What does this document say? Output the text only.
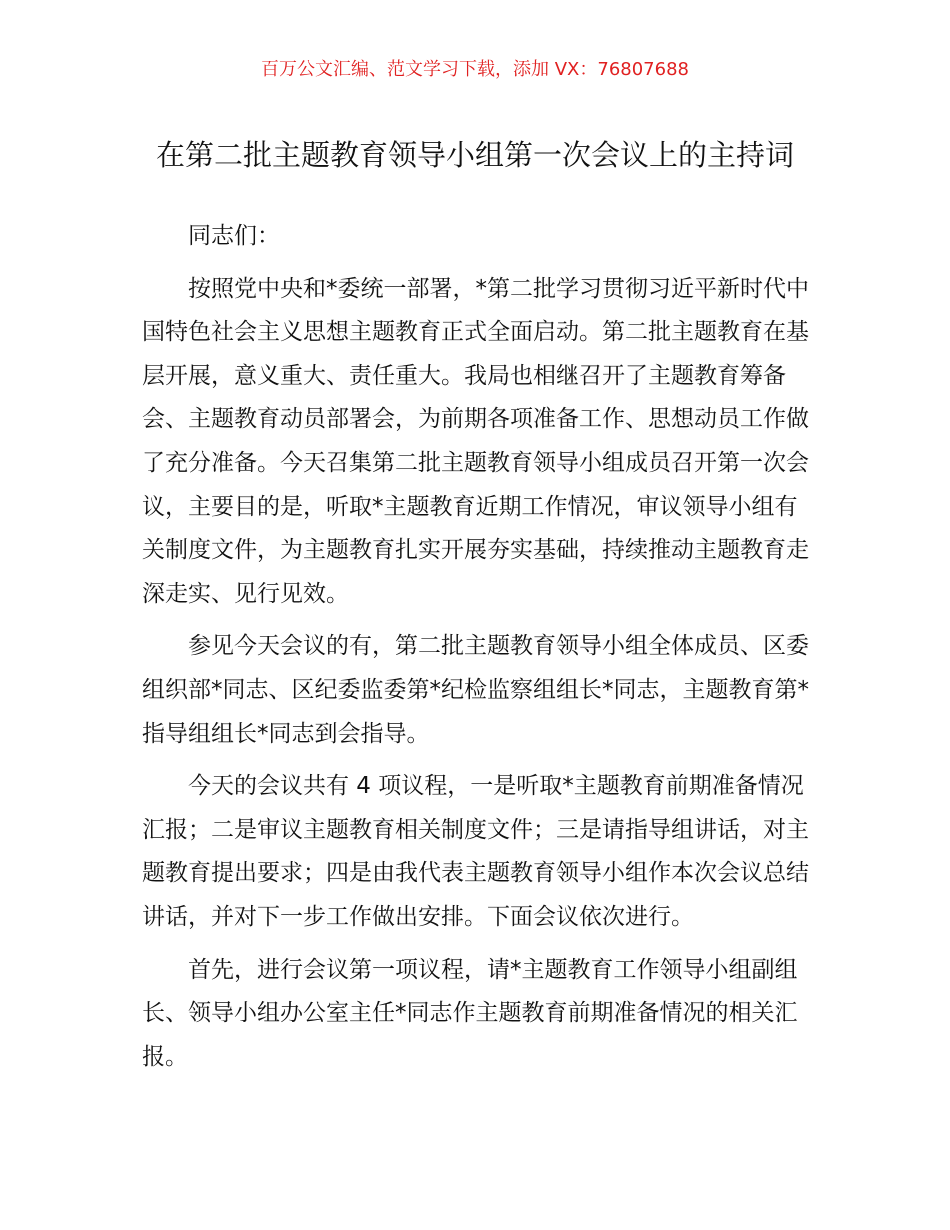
百万公文汇编、范文学习下载，添加 VX：76807688
在第二批主题教育领导小组第一次会议上的主持词

同志们：

按照党中央和*委统一部署，*第二批学习贯彻习近平新时代中国特色社会主义思想主题教育正式全面启动。第二批主题教育在基层开展，意义重大、责任重大。我局也相继召开了主题教育筹备会、主题教育动员部署会，为前期各项准备工作、思想动员工作做了充分准备。今天召集第二批主题教育领导小组成员召开第一次会议，主要目的是，听取*主题教育近期工作情况，审议领导小组有关制度文件，为主题教育扎实开展夯实基础，持续推动主题教育走深走实、见行见效。

参见今天会议的有，第二批主题教育领导小组全体成员、区委组织部*同志、区纪委监委第*纪检监察组组长*同志，主题教育第*指导组组长*同志到会指导。

今天的会议共有 4 项议程，一是听取*主题教育前期准备情况汇报；二是审议主题教育相关制度文件；三是请指导组讲话，对主题教育提出要求；四是由我代表主题教育领导小组作本次会议总结讲话，并对下一步工作做出安排。下面会议依次进行。

首先，进行会议第一项议程，请*主题教育工作领导小组副组长、领导小组办公室主任*同志作主题教育前期准备情况的相关汇报。
